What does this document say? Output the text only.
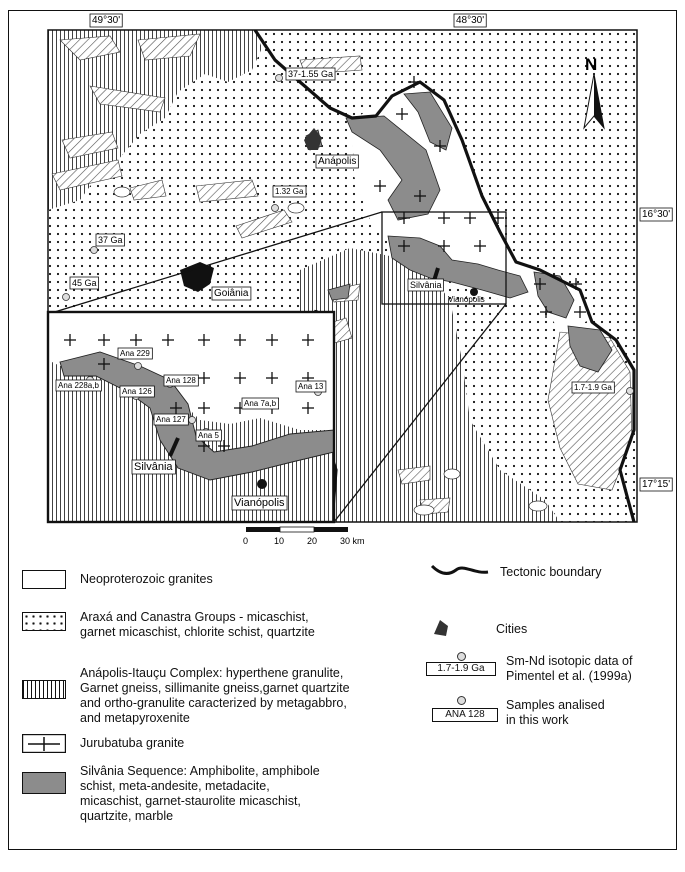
49°30'	48°30'
16°30'
17°15'
37-1.55 Ga
1.32 Ga
37 Ga
45 Ga
1.7-1.9 Ga
Anápolis
Goiânia
Silvânia
Vianópolis
Ana 229
Ana 128
Ana 228a,b
Ana 126
Ana 13
Ana 7a,b
Ana 127
Ana 5
Silvânia
Vianópolis
N
0	10	20	30 km
Neoproterozoic granites
Araxá and Canastra Groups - micaschist,
garnet micaschist, chlorite schist, quartzite
Anápolis-Itauçu Complex: hyperthene granulite,
Garnet gneiss, sillimanite gneiss,garnet quartzite
and ortho-granulite caracterized by metagabbro,
and metapyroxenite
Jurubatuba granite
Silvânia Sequence: Amphibolite, amphibole
schist, meta-andesite, metadacite,
micaschist, garnet-staurolite micaschist,
quartzite, marble
Tectonic boundary
Cities
1.7-1.9 Ga
Sm-Nd isotopic data of
Pimentel et al. (1999a)
ANA 128
Samples analised
in this work
